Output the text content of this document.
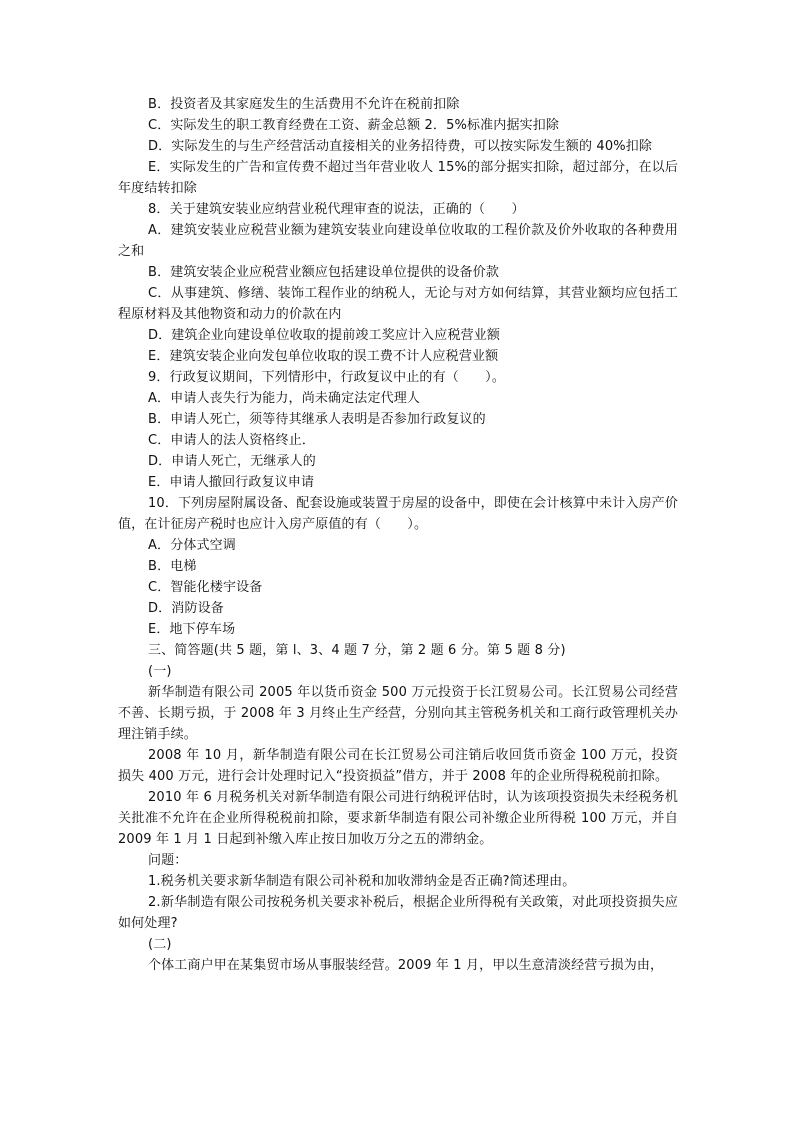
B．投资者及其家庭发生的生活费用不允许在税前扣除

C．实际发生的职工教育经费在工资、薪金总额 2．5%标准内据实扣除

D．实际发生的与生产经营活动直接相关的业务招待费，可以按实际发生额的 40%扣除

E．实际发生的广告和宣传费不超过当年营业收人 15%的部分据实扣除，超过部分，在以后年度结转扣除

8．关于建筑安装业应纳营业税代理审查的说法，正确的（　　）

A．建筑安装业应税营业额为建筑安装业向建设单位收取的工程价款及价外收取的各种费用之和

B．建筑安装企业应税营业额应包括建设单位提供的设备价款

C．从事建筑、修缮、装饰工程作业的纳税人，无论与对方如何结算，其营业额均应包括工程原材料及其他物资和动力的价款在内

D．建筑企业向建设单位收取的提前竣工奖应计入应税营业额

E．建筑安装企业向发包单位收取的误工费不计人应税营业额

9．行政复议期间，下列情形中，行政复议中止的有（　　）。

A．申请人丧失行为能力，尚未确定法定代理人

B．申请人死亡，须等待其继承人表明是否参加行政复议的

C．申请人的法人资格终止．

D．申请人死亡，无继承人的

E．申请人撤回行政复议申请

10．下列房屋附属设备、配套设施或装置于房屋的设备中，即使在会计核算中未计入房产价值，在计征房产税时也应计入房产原值的有（　　）。

A．分体式空调

B．电梯

C．智能化楼宇设备

D．消防设备

E．地下停车场

三、简答题(共 5 题，第 l、3、4 题 7 分，第 2 题 6 分。第 5 题 8 分)

(一)

新华制造有限公司 2005 年以货币资金 500 万元投资于长江贸易公司。长江贸易公司经营不善、长期亏损，于 2008 年 3 月终止生产经营，分别向其主管税务机关和工商行政管理机关办理注销手续。

2008 年 10 月，新华制造有限公司在长江贸易公司注销后收回货币资金 100 万元，投资损失 400 万元，进行会计处理时记入“投资损益”借方，并于 2008 年的企业所得税税前扣除。

2010 年 6 月税务机关对新华制造有限公司进行纳税评估时，认为该项投资损失未经税务机关批准不允许在企业所得税税前扣除，要求新华制造有限公司补缴企业所得税 100 万元，并自 2009 年 1 月 1 日起到补缴入库止按日加收万分之五的滞纳金。

问题：

1.税务机关要求新华制造有限公司补税和加收滞纳金是否正确?简述理由。

2.新华制造有限公司按税务机关要求补税后，根据企业所得税有关政策，对此项投资损失应如何处理?

(二)

个体工商户甲在某集贸市场从事服装经营。2009 年 1 月，甲以生意清淡经营亏损为由，
